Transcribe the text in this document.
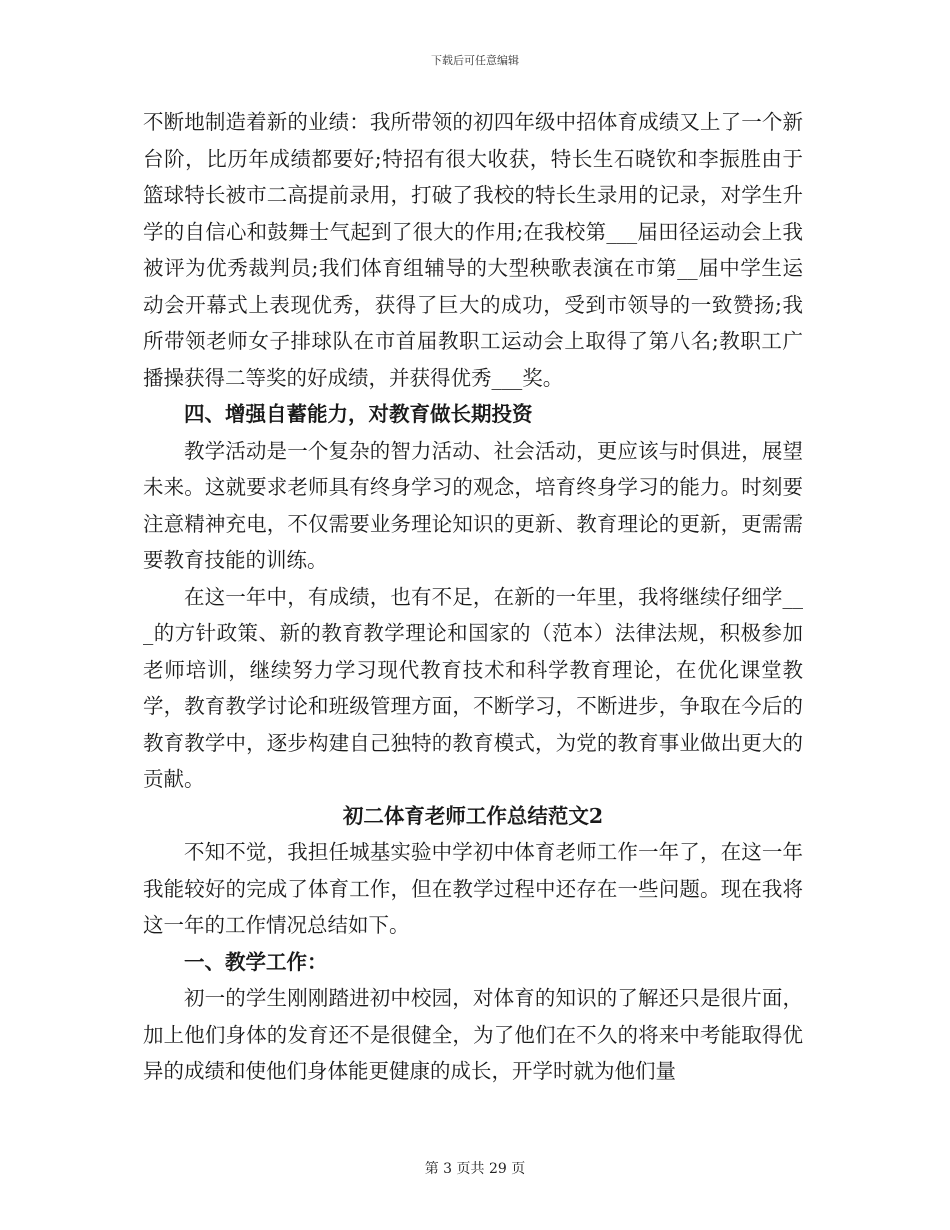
下载后可任意编辑

不断地制造着新的业绩：我所带领的初四年级中招体育成绩又上了一个新台阶，比历年成绩都要好;特招有很大收获，特长生石晓钦和李振胜由于篮球特长被市二高提前录用，打破了我校的特长生录用的记录，对学生升学的自信心和鼓舞士气起到了很大的作用;在我校第___届田径运动会上我被评为优秀裁判员;我们体育组辅导的大型秧歌表演在市第__届中学生运动会开幕式上表现优秀，获得了巨大的成功，受到市领导的一致赞扬;我所带领老师女子排球队在市首届教职工运动会上取得了第八名;教职工广播操获得二等奖的好成绩，并获得优秀___奖。

四、增强自蓄能力，对教育做长期投资

教学活动是一个复杂的智力活动、社会活动，更应该与时俱进，展望未来。这就要求老师具有终身学习的观念，培育终身学习的能力。时刻要注意精神充电，不仅需要业务理论知识的更新、教育理论的更新，更需需要教育技能的训练。

在这一年中，有成绩，也有不足，在新的一年里，我将继续仔细学___的方针政策、新的教育教学理论和国家的（范本）法律法规，积极参加老师培训，继续努力学习现代教育技术和科学教育理论，在优化课堂教学，教育教学讨论和班级管理方面，不断学习，不断进步，争取在今后的教育教学中，逐步构建自己独特的教育模式，为党的教育事业做出更大的贡献。

初二体育老师工作总结范文2

不知不觉，我担任城基实验中学初中体育老师工作一年了，在这一年我能较好的完成了体育工作，但在教学过程中还存在一些问题。现在我将这一年的工作情况总结如下。

一、教学工作：

初一的学生刚刚踏进初中校园，对体育的知识的了解还只是很片面，加上他们身体的发育还不是很健全，为了他们在不久的将来中考能取得优异的成绩和使他们身体能更健康的成长，开学时就为他们量

第 3 页共 29 页
